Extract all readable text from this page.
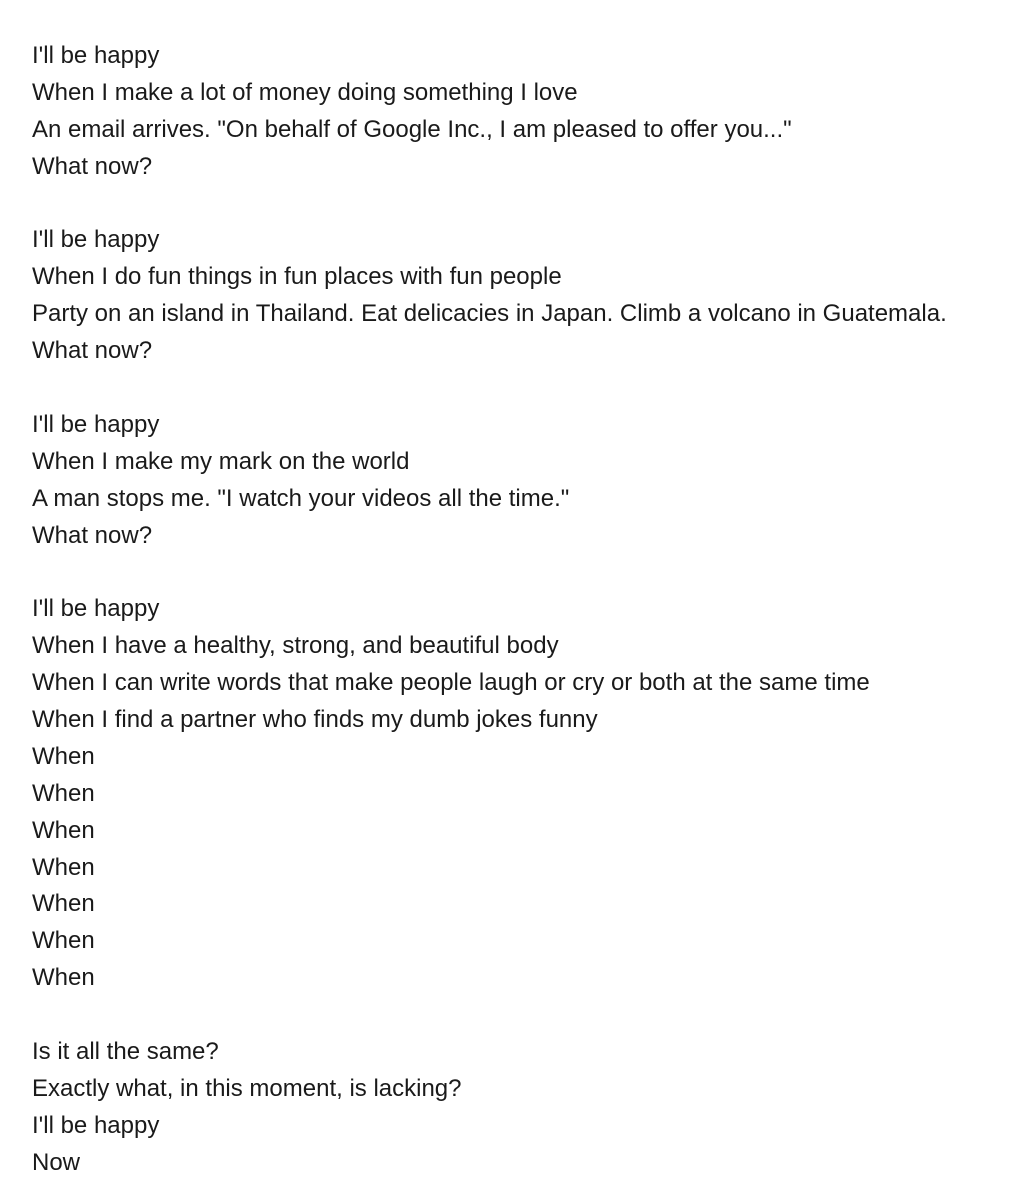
I'll be happy
When I make a lot of money doing something I love
An email arrives. "On behalf of Google Inc., I am pleased to offer you..."
What now?
I'll be happy
When I do fun things in fun places with fun people
Party on an island in Thailand. Eat delicacies in Japan. Climb a volcano in Guatemala.
What now?
I'll be happy
When I make my mark on the world
A man stops me. "I watch your videos all the time."
What now?
I'll be happy
When I have a healthy, strong, and beautiful body
When I can write words that make people laugh or cry or both at the same time
When I find a partner who finds my dumb jokes funny
When
When
When
When
When
When
When
Is it all the same?
Exactly what, in this moment, is lacking?
I'll be happy
Now
